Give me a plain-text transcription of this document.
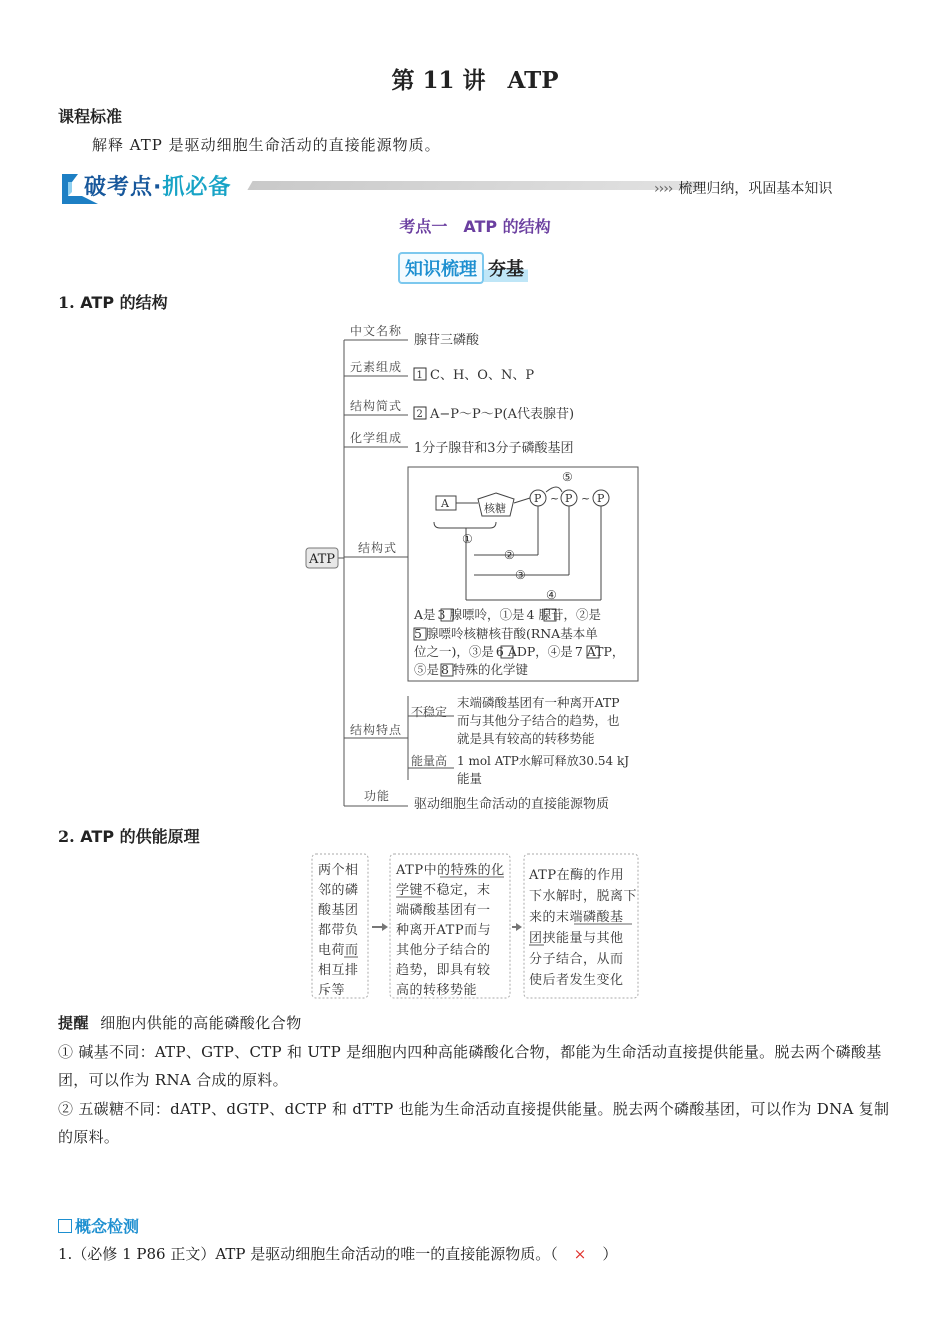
第 11 讲 ATP
课程标准
解释 ATP 是驱动细胞生命活动的直接能源物质。
破考点·抓必备	›››› 梳理归纳，巩固基本知识
考点一　ATP 的结构
知识梳理 夯基
1. ATP 的结构
ATP
中文名称
元素组成
结构简式
化学组成
结构式
结构特点
功能
腺苷三磷酸
1 C、H、O、N、P
2 A−P～P～P(A代表腺苷)
1分子腺苷和3分子磷酸基团
驱动细胞生命活动的直接能源物质
A	核糖
P P P
~ ~
①
②
③
④
⑤
A是 3 腺嘌呤，①是 4 腺苷，②是
5 腺嘌呤核糖核苷酸(RNA基本单
位之一)，③是 6 ADP，④是 7 ATP，
⑤是 8 特殊的化学键
不稳定
能量高
末端磷酸基团有一种离开ATP
而与其他分子结合的趋势，也
就是具有较高的转移势能
1 mol ATP水解可释放30.54 kJ
能量
2. ATP 的供能原理
两个相
邻的磷
酸基团
都带负
电荷而
相互排
斥等
ATP中的特殊的化
学键不稳定，末
端磷酸基团有一
种离开ATP而与
其他分子结合的
趋势，即具有较
高的转移势能
ATP在酶的作用
下水解时，脱离下
来的末端磷酸基
团挟能量与其他
分子结合，从而
使后者发生变化
提醒 细胞内供能的高能磷酸化合物
① 碱基不同：ATP、GTP、CTP 和 UTP 是细胞内四种高能磷酸化合物，都能为生命活动直接提供能量。脱去两个磷酸基团，可以作为 RNA 合成的原料。
② 五碳糖不同：dATP、dGTP、dCTP 和 dTTP 也能为生命活动直接提供能量。脱去两个磷酸基团，可以作为 DNA 复制的原料。
概念检测
1.（必修 1 P86 正文）ATP 是驱动细胞生命活动的唯一的直接能源物质。（ × ）
